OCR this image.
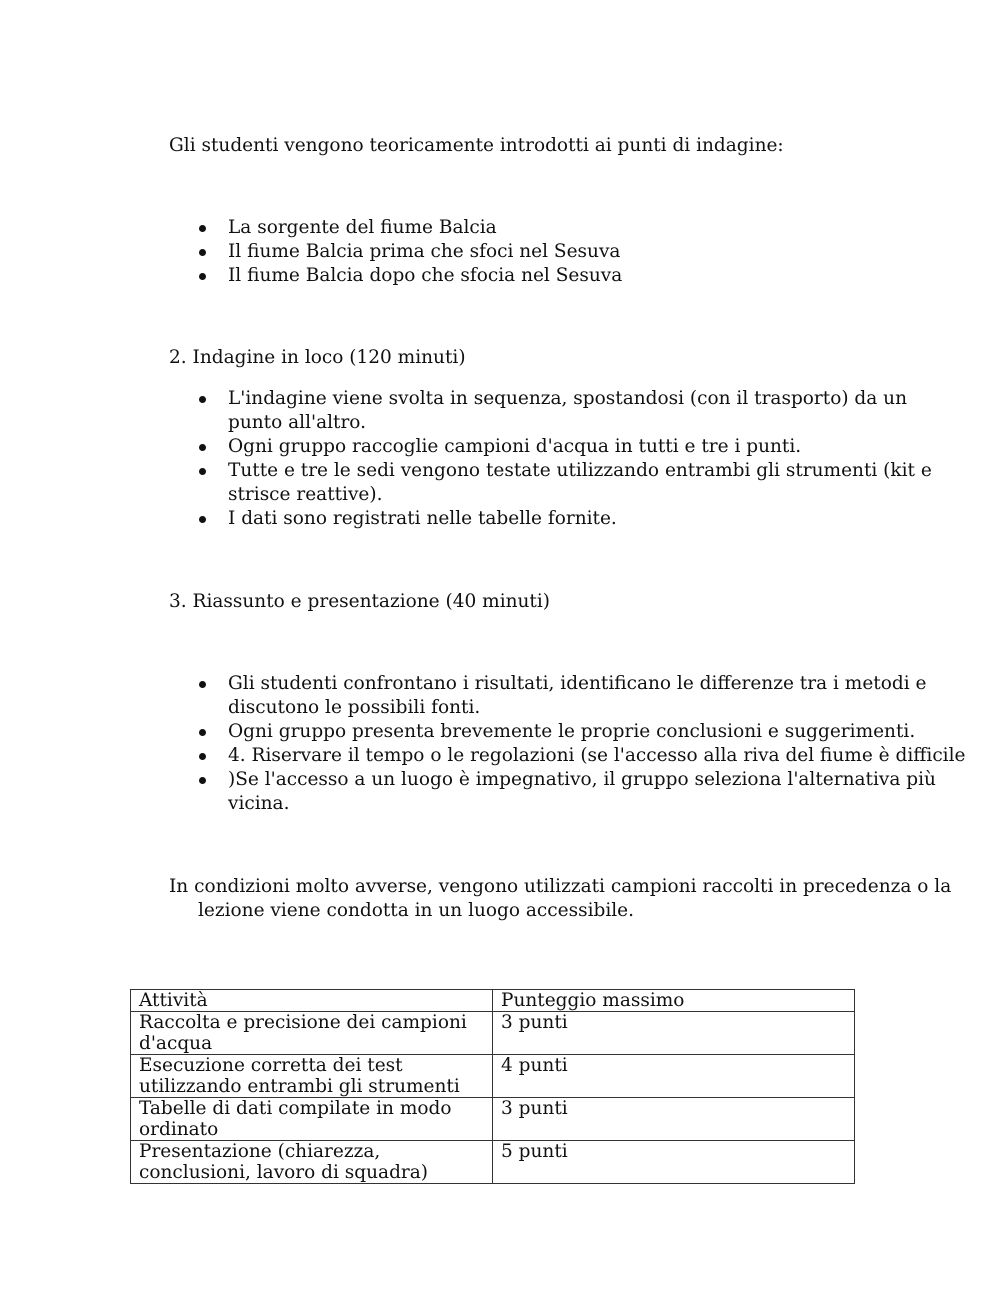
Gli studenti vengono teoricamente introdotti ai punti di indagine:

La sorgente del fiume Balcia
Il fiume Balcia prima che sfoci nel Sesuva
Il fiume Balcia dopo che sfocia nel Sesuva

2. Indagine in loco (120 minuti)

L'indagine viene svolta in sequenza, spostandosi (con il trasporto) da un punto all'altro.
Ogni gruppo raccoglie campioni d'acqua in tutti e tre i punti.
Tutte e tre le sedi vengono testate utilizzando entrambi gli strumenti (kit e strisce reattive).
I dati sono registrati nelle tabelle fornite.

3. Riassunto e presentazione (40 minuti)

Gli studenti confrontano i risultati, identificano le differenze tra i metodi e discutono le possibili fonti.
Ogni gruppo presenta brevemente le proprie conclusioni e suggerimenti.
4. Riservare il tempo o le regolazioni (se l'accesso alla riva del fiume è difficile
)Se l'accesso a un luogo è impegnativo, il gruppo seleziona l'alternativa più vicina.

In condizioni molto avverse, vengono utilizzati campioni raccolti in precedenza o la lezione viene condotta in un luogo accessibile.

Attività	Punteggio massimo
Raccolta e precisione dei campioni d'acqua	3 punti
Esecuzione corretta dei test utilizzando entrambi gli strumenti	4 punti
Tabelle di dati compilate in modo ordinato	3 punti
Presentazione (chiarezza, conclusioni, lavoro di squadra)	5 punti
